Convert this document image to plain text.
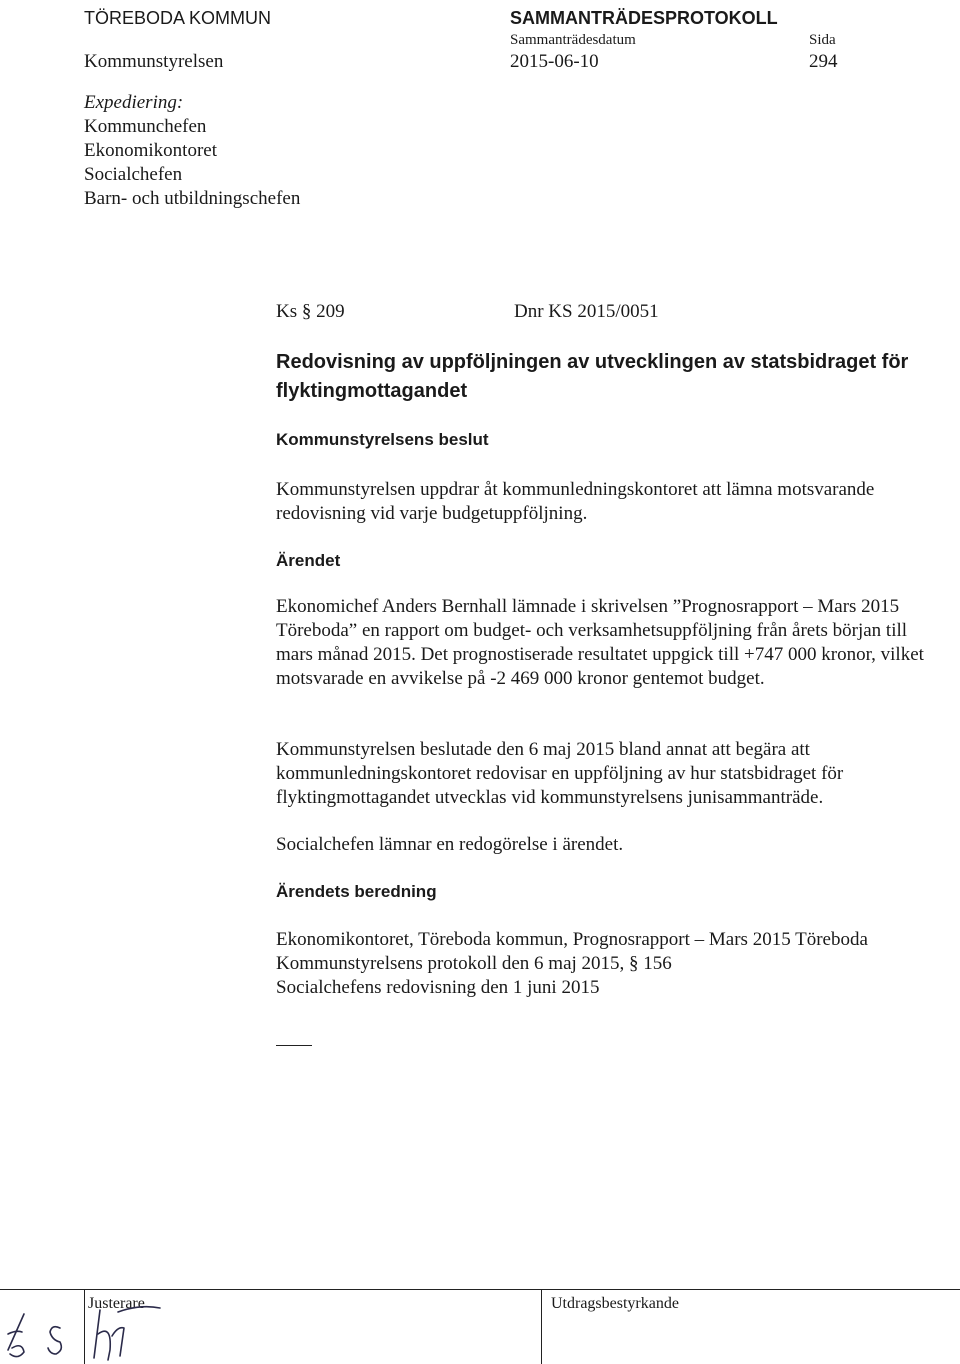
TÖREBODA KOMMUN	SAMMANTRÄDESPROTOKOLL
Sammanträdesdatum	Sida
Kommunstyrelsen	2015-06-10	294
Expediering:
Kommunchefen
Ekonomikontoret
Socialchefen
Barn- och utbildningschefen
Ks § 209	Dnr KS 2015/0051
Redovisning av uppföljningen av utvecklingen av statsbidraget för flyktingmottagandet
Kommunstyrelsens beslut
Kommunstyrelsen uppdrar åt kommunledningskontoret att lämna motsvarande redovisning vid varje budgetuppföljning.
Ärendet
Ekonomichef Anders Bernhall lämnade i skrivelsen ”Prognosrapport – Mars 2015 Töreboda” en rapport om budget- och verksamhetsuppföljning från årets början till mars månad 2015. Det prognostiserade resultatet uppgick till +747 000 kronor, vilket motsvarade en avvikelse på -2 469 000 kronor gentemot budget.
Kommunstyrelsen beslutade den 6 maj 2015 bland annat att begära att kommunledningskontoret redovisar en uppföljning av hur statsbidraget för flyktingmottagandet utvecklas vid kommunstyrelsens junisammanträde.
Socialchefen lämnar en redogörelse i ärendet.
Ärendets beredning
Ekonomikontoret, Töreboda kommun, Prognosrapport – Mars 2015 Töreboda
Kommunstyrelsens protokoll den 6 maj 2015, § 156
Socialchefens redovisning den 1 juni 2015
Justerare	Utdragsbestyrkande
